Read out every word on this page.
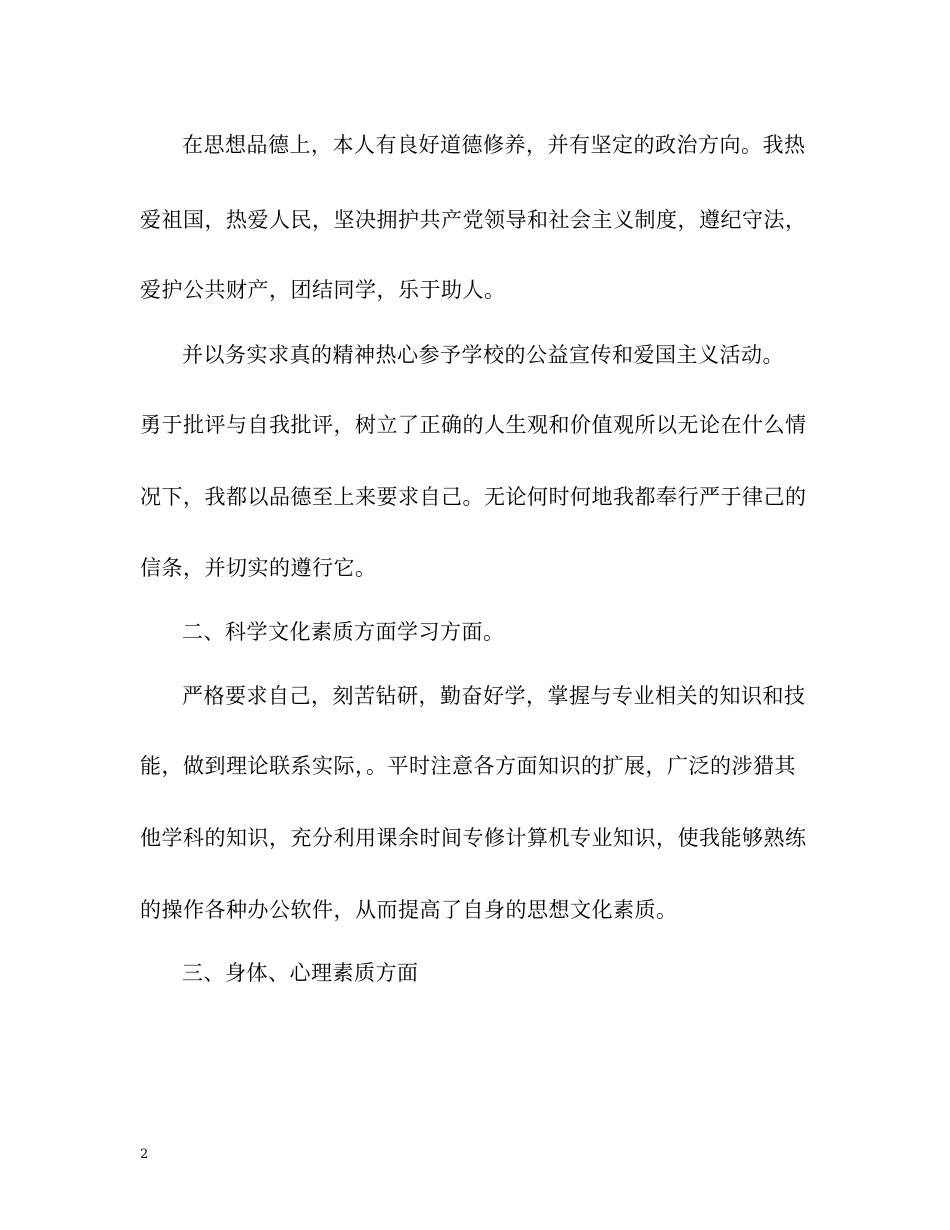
在思想品德上，本人有良好道德修养，并有坚定的政治方向。我热
爱祖国，热爱人民，坚决拥护共产党领导和社会主义制度，遵纪守法，
爱护公共财产，团结同学，乐于助人。
并以务实求真的精神热心参予学校的公益宣传和爱国主义活动。
勇于批评与自我批评，树立了正确的人生观和价值观所以无论在什么情
况下，我都以品德至上来要求自己。无论何时何地我都奉行严于律己的
信条，并切实的遵行它。
二、科学文化素质方面学习方面。
严格要求自己，刻苦钻研，勤奋好学，掌握与专业相关的知识和技
能，做到理论联系实际，。平时注意各方面知识的扩展，广泛的涉猎其
他学科的知识，充分利用课余时间专修计算机专业知识，使我能够熟练
的操作各种办公软件，从而提高了自身的思想文化素质。
三、身体、心理素质方面
2
